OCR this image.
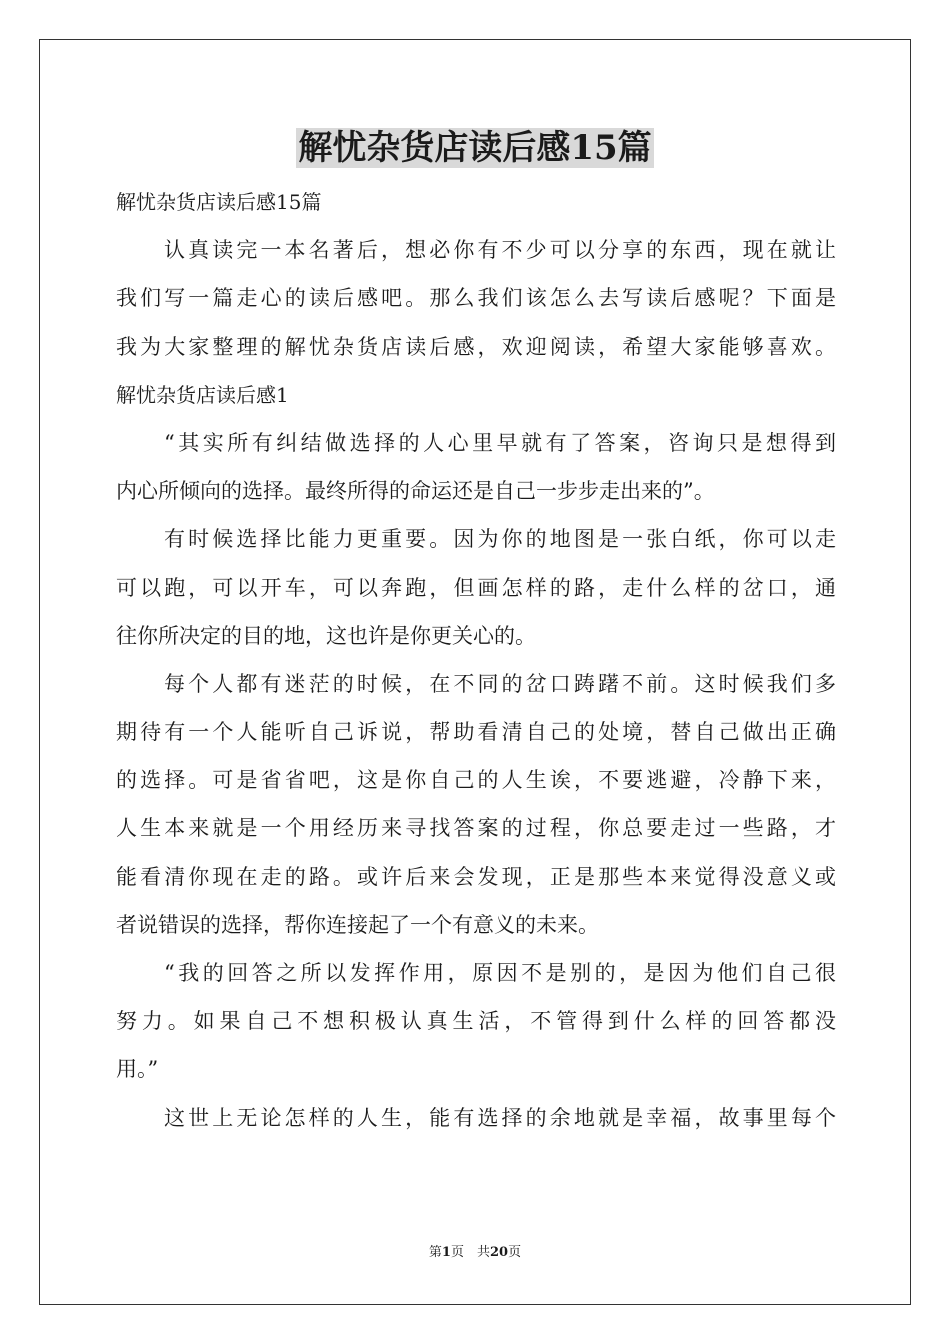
解忧杂货店读后感15篇
解忧杂货店读后感15篇
认真读完一本名著后，想必你有不少可以分享的东西，现在就让
我们写一篇走心的读后感吧。那么我们该怎么去写读后感呢？下面是
我为大家整理的解忧杂货店读后感，欢迎阅读，希望大家能够喜欢。
解忧杂货店读后感1
“其实所有纠结做选择的人心里早就有了答案，咨询只是想得到
内心所倾向的选择。最终所得的命运还是自己一步步走出来的”。
有时候选择比能力更重要。因为你的地图是一张白纸，你可以走
可以跑，可以开车，可以奔跑，但画怎样的路，走什么样的岔口，通
往你所决定的目的地，这也许是你更关心的。
每个人都有迷茫的时候，在不同的岔口踌躇不前。这时候我们多
期待有一个人能听自己诉说，帮助看清自己的处境，替自己做出正确
的选择。可是省省吧，这是你自己的人生诶，不要逃避，冷静下来，
人生本来就是一个用经历来寻找答案的过程，你总要走过一些路，才
能看清你现在走的路。或许后来会发现，正是那些本来觉得没意义或
者说错误的选择，帮你连接起了一个有意义的未来。
“我的回答之所以发挥作用，原因不是别的，是因为他们自己很
努力。如果自己不想积极认真生活，不管得到什么样的回答都没
用。”
这世上无论怎样的人生，能有选择的余地就是幸福，故事里每个
第1页　共20页
